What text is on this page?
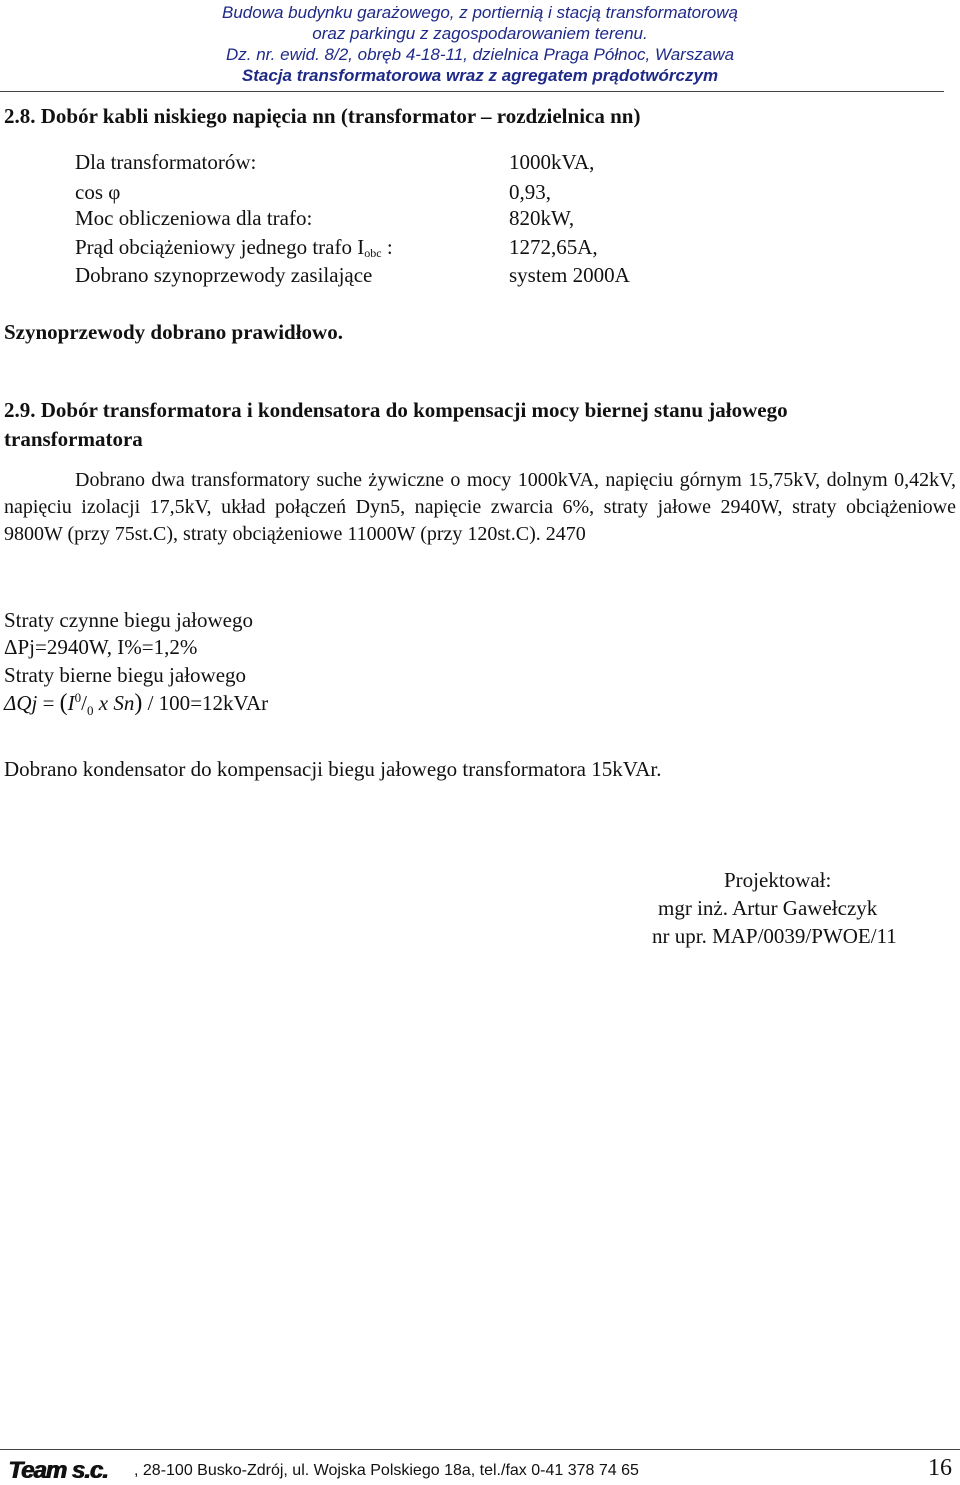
Budowa budynku garażowego, z portiernią i stacją transformatorową
oraz parkingu z zagospodarowaniem terenu.
Dz. nr. ewid. 8/2, obręb 4-18-11, dzielnica Praga Północ, Warszawa
Stacja transformatorowa wraz z agregatem prądotwórczym
2.8. Dobór kabli niskiego napięcia nn (transformator – rozdzielnica nn)
Dla transformatorów:	1000kVA,
cos φ	0,93,
Moc obliczeniowa dla trafo:	820kW,
Prąd obciążeniowy jednego trafo $I_{obc}$ :	1272,65A,
Dobrano szynoprzewody zasilające	system 2000A
Szynoprzewody dobrano prawidłowo.
2.9. Dobór transformatora i kondensatora do kompensacji mocy biernej stanu jałowego
transformatora
Dobrano dwa transformatory suche żywiczne o mocy 1000kVA, napięciu górnym 15,75kV, dolnym 0,42kV, napięciu izolacji 17,5kV, układ połączeń Dyn5, napięcie zwarcia 6%, straty jałowe 2940W, straty obciążeniowe 9800W (przy 75st.C), straty obciążeniowe 11000W (przy 120st.C). 2470
Straty czynne biegu jałowego
ΔPj=2940W, I%=1,2%
Straty bierne biegu jałowego
$\Delta Qj = (I^0/_0$ x Sn) / 100=12kVAr
Dobrano kondensator do kompensacji biegu jałowego transformatora 15kVAr.
Projektował:
mgr inż. Artur Gawełczyk
nr upr. MAP/0039/PWOE/11
Team s.c. , 28-100 Busko-Zdrój, ul. Wojska Polskiego 18a, tel./fax 0-41 378 74 65	16
